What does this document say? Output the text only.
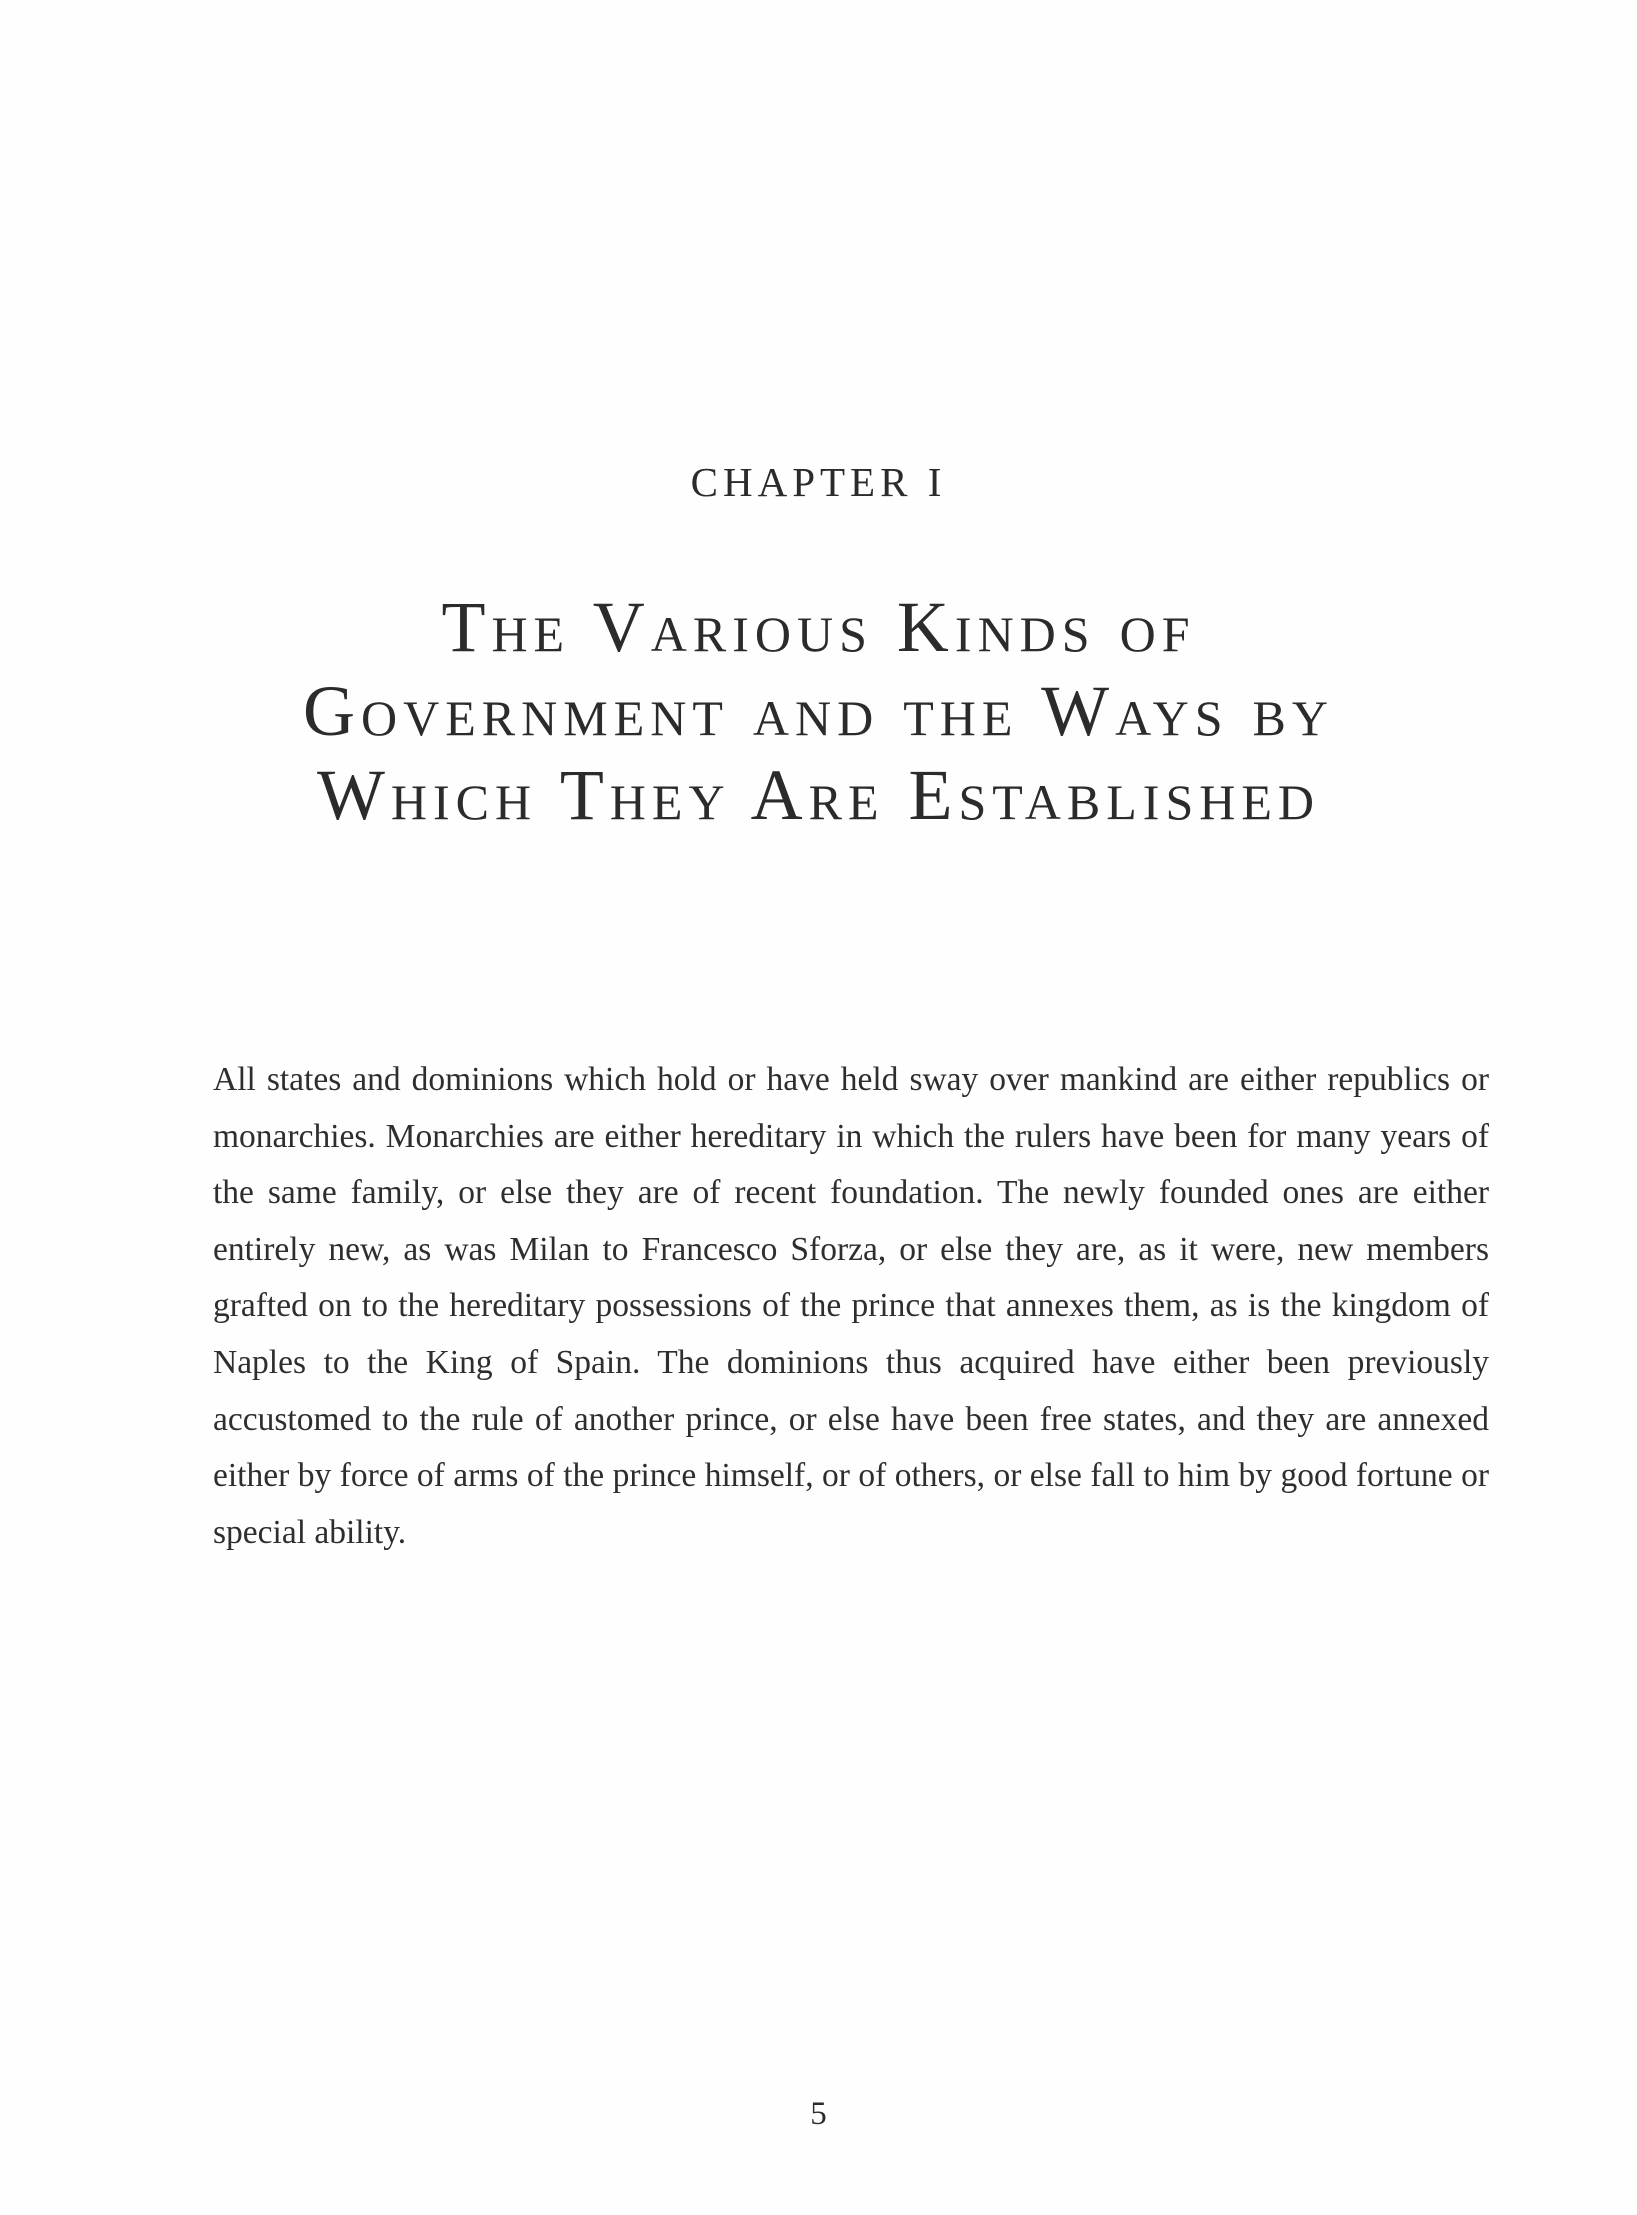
CHAPTER I

The Various Kinds of
Government and the Ways by
Which They Are Established

All states and dominions which hold or have held sway over mankind are either republics or monarchies. Monarchies are either hereditary in which the rulers have been for many years of the same family, or else they are of recent foundation. The newly founded ones are either entirely new, as was Milan to Francesco Sforza, or else they are, as it were, new members grafted on to the hereditary possessions of the prince that annexes them, as is the kingdom of Naples to the King of Spain. The dominions thus acquired have either been previously accustomed to the rule of another prince, or else have been free states, and they are annexed either by force of arms of the prince himself, or of others, or else fall to him by good fortune or special ability.

5
